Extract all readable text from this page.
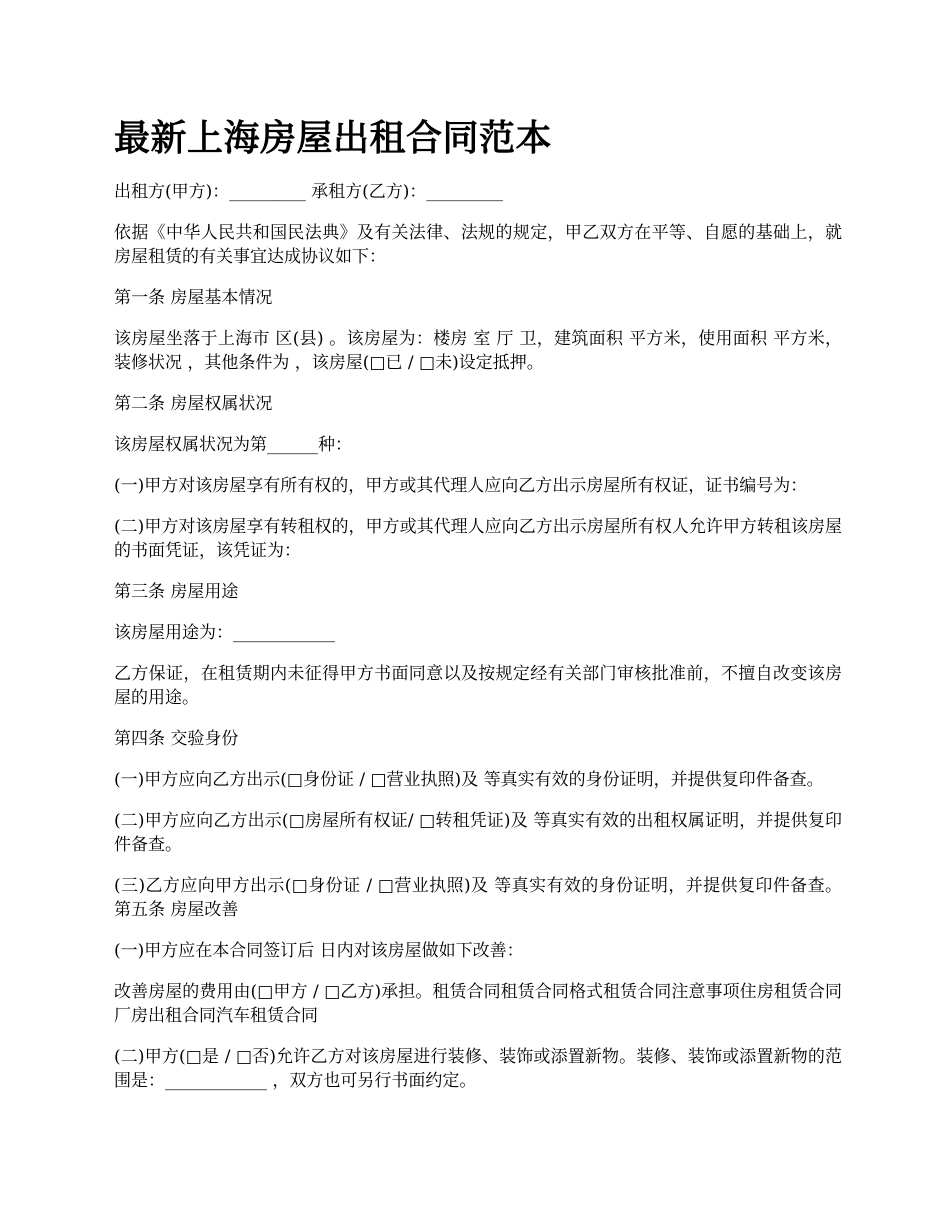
最新上海房屋出租合同范本

出租方(甲方)：_________ 承租方(乙方)：_________

依据《中华人民共和国民法典》及有关法律、法规的规定，甲乙双方在平等、自愿的基础上，就房屋租赁的有关事宜达成协议如下：

第一条 房屋基本情况

该房屋坐落于上海市 区(县) 。该房屋为：楼房 室 厅 卫，建筑面积 平方米，使用面积 平方米，装修状况 ，其他条件为 ，该房屋(□已 / □未)设定抵押。

第二条 房屋权属状况

该房屋权属状况为第______种：

(一)甲方对该房屋享有所有权的，甲方或其代理人应向乙方出示房屋所有权证，证书编号为：

(二)甲方对该房屋享有转租权的，甲方或其代理人应向乙方出示房屋所有权人允许甲方转租该房屋的书面凭证，该凭证为：

第三条 房屋用途

该房屋用途为：____________

乙方保证，在租赁期内未征得甲方书面同意以及按规定经有关部门审核批准前，不擅自改变该房屋的用途。

第四条 交验身份

(一)甲方应向乙方出示(□身份证 / □营业执照)及 等真实有效的身份证明，并提供复印件备查。

(二)甲方应向乙方出示(□房屋所有权证/ □转租凭证)及 等真实有效的出租权属证明，并提供复印件备查。

(三)乙方应向甲方出示(□身份证 / □营业执照)及 等真实有效的身份证明，并提供复印件备查。 第五条 房屋改善

(一)甲方应在本合同签订后 日内对该房屋做如下改善：

改善房屋的费用由(□甲方 / □乙方)承担。租赁合同租赁合同格式租赁合同注意事项住房租赁合同厂房出租合同汽车租赁合同

(二)甲方(□是 / □否)允许乙方对该房屋进行装修、装饰或添置新物。装修、装饰或添置新物的范围是：____________ ，双方也可另行书面约定。
